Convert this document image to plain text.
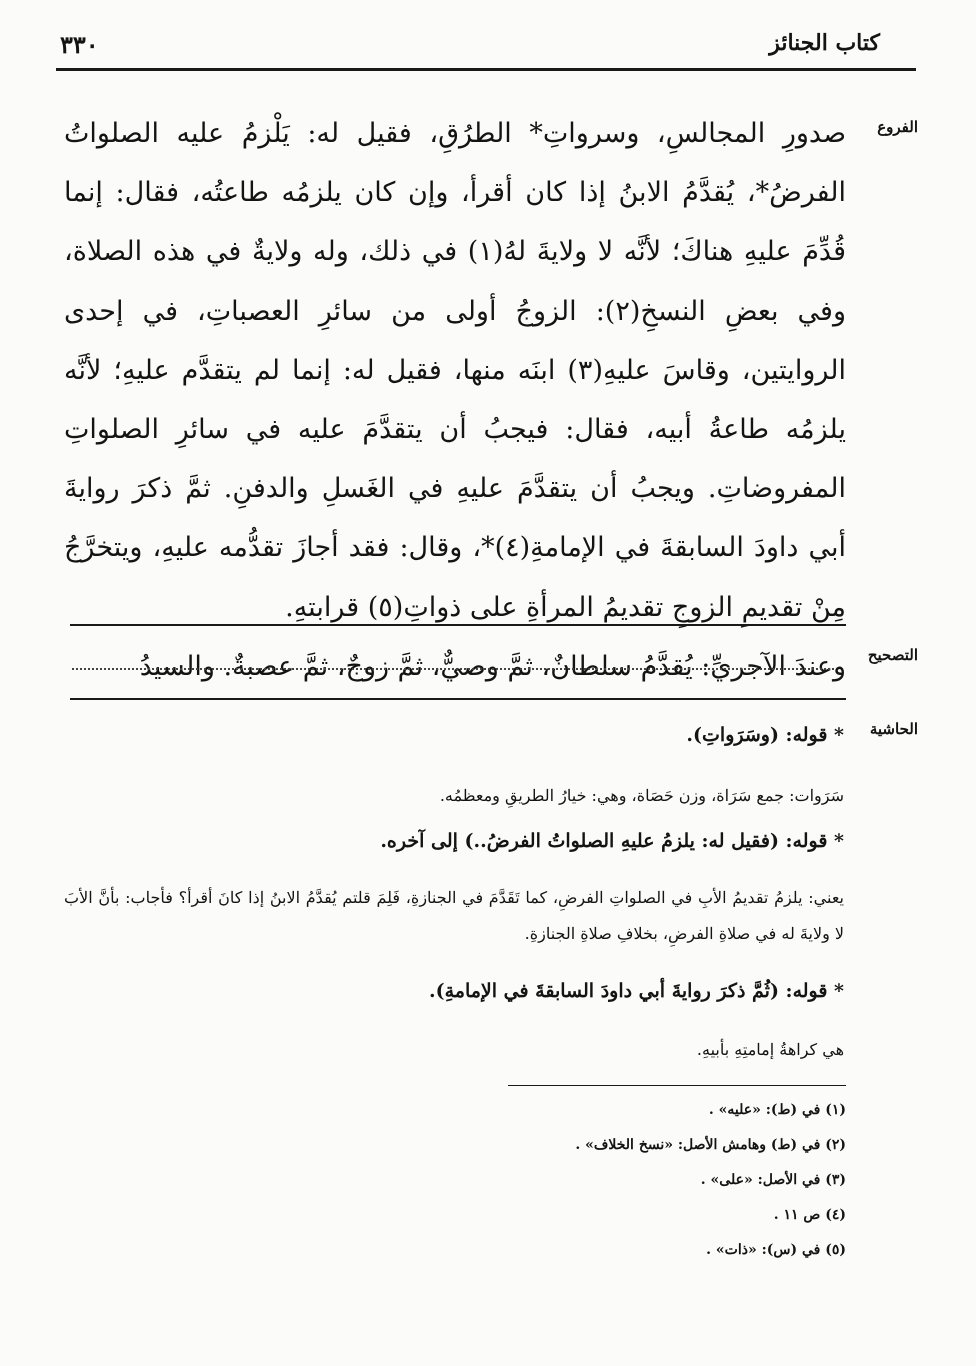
كتاب الجنائز
٣٣٠
الفروع

صدورِ المجالسِ، وسرواتِ* الطرُقِ، فقيل له: يَلْزمُ عليه الصلواتُ الفرضُ*، يُقدَّمُ الابنُ إذا كان أقرأ، وإن كان يلزمُه طاعتُه، فقال: إنما قُدِّمَ عليهِ هناكَ؛ لأنَّه لا ولايةَ لهُ(١) في ذلك، وله ولايةٌ في هذه الصلاة، وفي بعضِ النسخِ(٢): الزوجُ أولى من سائرِ العصباتِ، في إحدى الروايتين، وقاسَ عليهِ(٣) ابنَه منها، فقيل له: إنما لم يتقدَّم عليهِ؛ لأنَّه يلزمُه طاعةُ أبيه، فقال: فيجبُ أن يتقدَّمَ عليه في سائرِ الصلواتِ المفروضاتِ. ويجبُ أن يتقدَّمَ عليهِ في الغَسلِ والدفنِ. ثمَّ ذكرَ روايةَ أبي داودَ السابقةَ في الإمامةِ(٤)*، وقال: فقد أجازَ تقدُّمه عليهِ، ويتخرَّجُ مِنْ تقديمِ الزوجِ تقديمُ المرأةِ على ذواتِ(٥) قرابتهِ.

وعندَ الآجريِّ: يُقدَّمُ سلطانٌ، ثمَّ وصيٌّ، ثمَّ زوجٌ، ثمَّ عصبةٌ. والسيدُ	التصحيح
الحاشية
* قوله: (وسَرَواتِ).
سَرَوات: جمع سَرَاة، وزن حَصَاة، وهي: خيارُ الطريقِ ومعظمُه.
* قوله: (فقيل له: يلزمُ عليهِ الصلواتُ الفرضُ..) إلى آخره.
يعني: يلزمُ تقديمُ الأبِ في الصلواتِ الفرضِ، كما تَقَدَّمَ في الجنازةِ، فَلِمَ قلتم يُقدَّمُ الابنُ إذا كانَ أقرأ؟ فأجاب: بأنَّ الأبَ لا ولايةَ له في صلاةِ الفرضِ، بخلافِ صلاةِ الجنازةِ.
* قوله: (ثُمَّ ذكرَ روايةَ أبي داودَ السابقةَ في الإمامةِ).
هي كراهةُ إمامتِهِ بأبيهِ.
(١) في (ط): «عليه» .
(٢) في (ط) وهامش الأصل: «نسخ الخلاف» .
(٣) في الأصل: «على» .
(٤) ص ١١ .
(٥) في (س): «ذات» .
